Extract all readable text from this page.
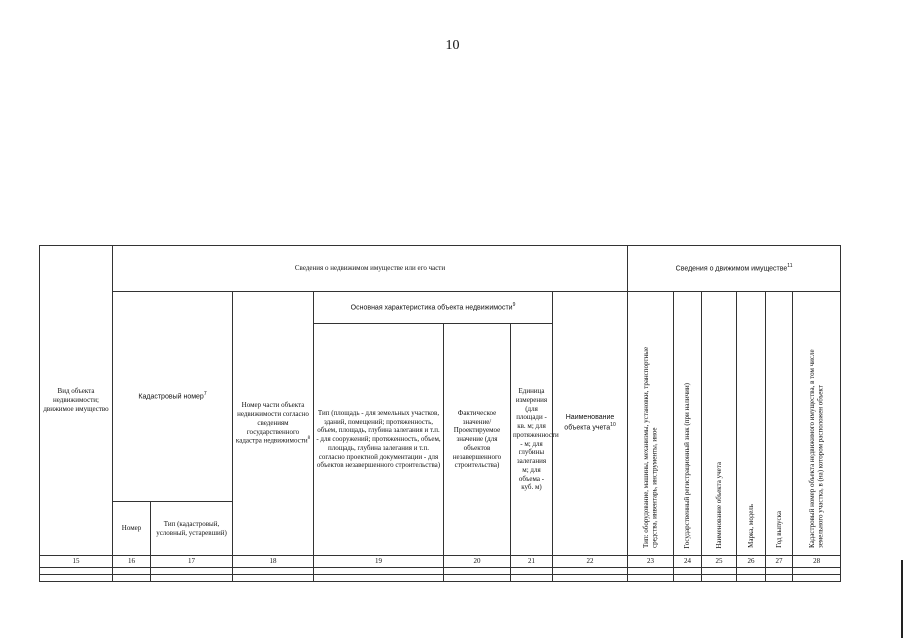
10
Вид объекта недвижимости; движимое имущество	Сведения о недвижимом имуществе или его части							Сведения о движимом имуществе$^{11}$
	Кадастровый номер$^7$		Номер части объекта недвижимости согласно сведениям государственного кадастра недвижимости$^8$	Основная характеристика объекта недвижимости$^9$			Наименование объекта учета$^{10}$	Тип: оборудование, машины, механизмы, установки, транспортные средства, инвентарь, инструменты, иное	Государственный регистрационный знак (при наличии)	Наименование объекта учета	Марка, модель	Год выпуска	Кадастровый номер объекта недвижимого имущества, в том числе земельного участка, в (на) котором расположен объект
				Тип (площадь - для земельных участков, зданий, помещений; протяженность, объем, площадь, глубина залегания и т.п. - для сооружений; протяженность, объем, площадь, глубина залегания и т.п. согласно проектной документации - для объектов незавершенного строительства)	Фактическое значение/ Проектируемое значение (для объектов незавершенного строительства)	Единица измерения (для площади - кв. м; для протяженности - м; для глубины залегания м; для объема - куб. м)							
	Номер	Тип (кадастровый, условный, устаревший)											
15	16	17	18	19	20	21	22	23	24	25	26	27	28
